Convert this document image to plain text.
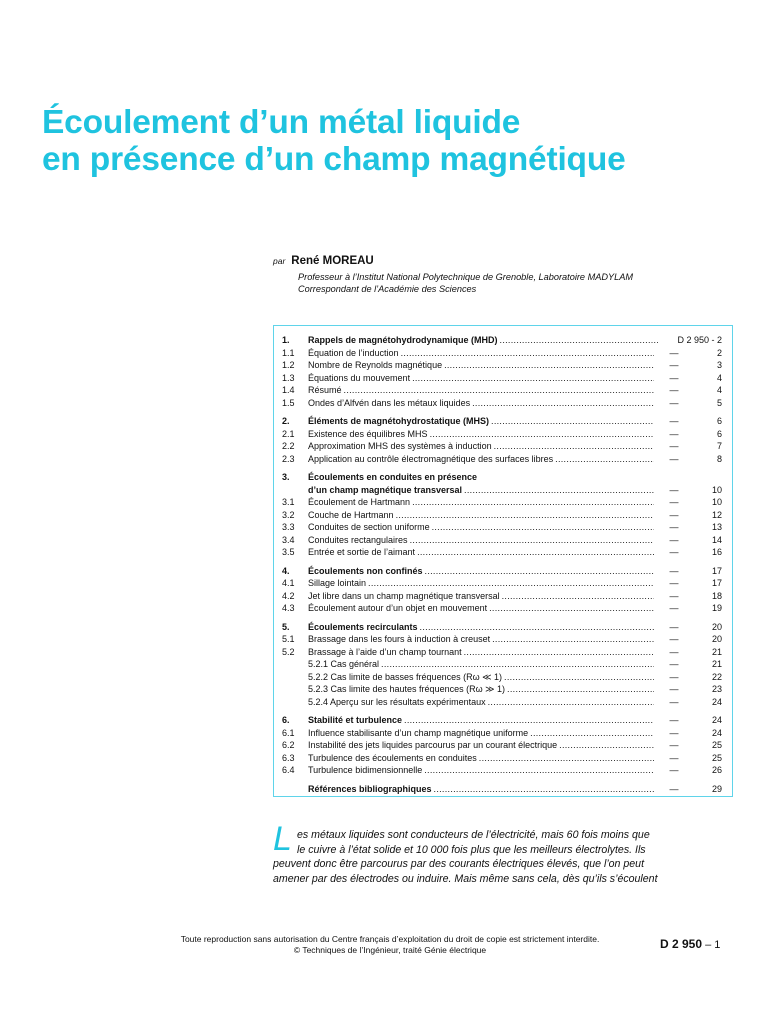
Écoulement d’un métal liquide
en présence d’un champ magnétique
par René MOREAU
Professeur à l’Institut National Polytechnique de Grenoble, Laboratoire MADYLAM
Correspondant de l’Académie des Sciences
1.	Rappels de magnétohydrodynamique (MHD) .....	D 2 950 - 2
1.1	Équation de l’induction .....	—	2
1.2	Nombre de Reynolds magnétique .....	—	3
1.3	Équations du mouvement .....	—	4
1.4	Résumé .....	—	4
1.5	Ondes d’Alfvén dans les métaux liquides .....	—	5
2.	Éléments de magnétohydrostatique (MHS) .....	—	6
2.1	Existence des équilibres MHS .....	—	6
2.2	Approximation MHS des systèmes à induction .....	—	7
2.3	Application au contrôle électromagnétique des surfaces libres .....	—	8
3.	Écoulements en conduites en présence
d’un champ magnétique transversal .....	—	10
3.1	Écoulement de Hartmann .....	—	10
3.2	Couche de Hartmann .....	—	12
3.3	Conduites de section uniforme .....	—	13
3.4	Conduites rectangulaires .....	—	14
3.5	Entrée et sortie de l’aimant .....	—	16
4.	Écoulements non confinés .....	—	17
4.1	Sillage lointain .....	—	17
4.2	Jet libre dans un champ magnétique transversal .....	—	18
4.3	Écoulement autour d’un objet en mouvement .....	—	19
5.	Écoulements recirculants .....	—	20
5.1	Brassage dans les fours à induction à creuset .....	—	20
5.2	Brassage à l’aide d’un champ tournant .....	—	21
5.2.1 Cas général .....	—	21
5.2.2 Cas limite de basses fréquences (Rω ≪ 1) .....	—	22
5.2.3 Cas limite des hautes fréquences (Rω ≫ 1) .....	—	23
5.2.4 Aperçu sur les résultats expérimentaux .....	—	24
6.	Stabilité et turbulence .....	—	24
6.1	Influence stabilisante d’un champ magnétique uniforme .....	—	24
6.2	Instabilité des jets liquides parcourus par un courant électrique .....	—	25
6.3	Turbulence des écoulements en conduites .....	—	25
6.4	Turbulence bidimensionnelle .....	—	26
Références bibliographiques .....	—	29
L es métaux liquides sont conducteurs de l’électricité, mais 60 fois moins que
le cuivre à l’état solide et 10 000 fois plus que les meilleurs électrolytes. Ils
peuvent donc être parcourus par des courants électriques élevés, que l’on peut
amener par des électrodes ou induire. Mais même sans cela, dès qu’ils s’écoulent
Toute reproduction sans autorisation du Centre français d’exploitation du droit de copie est strictement interdite.
© Techniques de l’Ingénieur, traité Génie électrique	D 2 950 – 1
